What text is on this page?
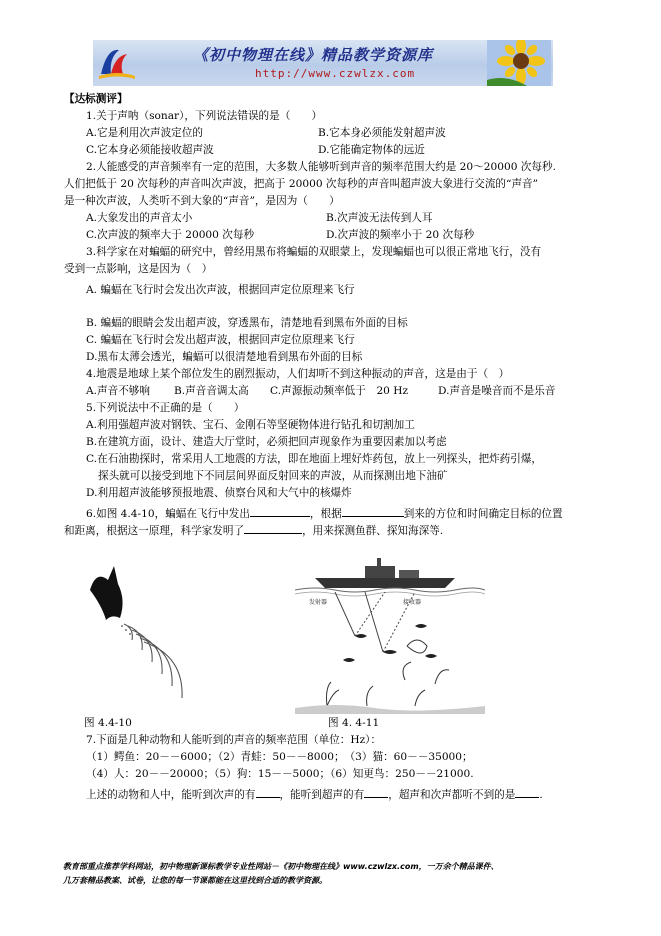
《初中物理在线》精品教学资源库
http://www.czwlzx.com
【达标测评】
1.关于声呐（sonar），下列说法错误的是（　　）
A.它是利用次声波定位的	B.它本身必须能发射超声波
C.它本身必须能接收超声波	D.它能确定物体的远近
2.人能感受的声音频率有一定的范围，大多数人能够听到声音的频率范围大约是 20～20000 次每秒.
人们把低于 20 次每秒的声音叫次声波，把高于 20000 次每秒的声音叫超声波大象进行交流的“声音”
是一种次声波，人类听不到大象的“声音”，是因为（　　）
A.大象发出的声音太小	B.次声波无法传到人耳
C.次声波的频率大于 20000 次每秒	D.次声波的频率小于 20 次每秒
3.科学家在对蝙蝠的研究中，曾经用黑布将蝙蝠的双眼蒙上，发现蝙蝠也可以很正常地飞行，没有
受到一点影响，这是因为（　）
A. 蝙蝠在飞行时会发出次声波，根据回声定位原理来飞行
B. 蝙蝠的眼睛会发出超声波，穿透黑布，清楚地看到黑布外面的目标
C. 蝙蝠在飞行时会发出超声波，根据回声定位原理来飞行
D.黑布太薄会透光，蝙蝠可以很清楚地看到黑布外面的目标
4.地震是地球上某个部位发生的剧烈振动，人们却听不到这种振动的声音，这是由于（　）
A.声音不够响 B.声音音调太高 C.声源振动频率低于　20 Hz	D.声音是噪音而不是乐音
5.下列说法中不正确的是（　　）
A.利用强超声波对钢铁、宝石、金刚石等坚硬物体进行钻孔和切割加工
B.在建筑方面，设计、建造大厅堂时，必须把回声现象作为重要因素加以考虑
C.在石油勘探时，常采用人工地震的方法，即在地面上埋好炸药包，放上一列探头，把炸药引爆，
探头就可以接受到地下不同层间界面反射回来的声波，从而探测出地下油矿
D.利用超声波能够预报地震、侦察台风和大气中的核爆炸
6.如图 4.4-10，蝙蝠在飞行中发出	，根据	到来的方位和时间确定目标的位置
和距离，根据这一原理，科学家发明了	，用来探测鱼群、探知海深等.
图 4.4-10
发射器	接收器
图 4. 4-11
7.下面是几种动物和人能听到的声音的频率范围（单位：Hz）：
（1）鳄鱼：20－－6000；（2）青蛙：50－－8000；　（3）猫：60－－35000；
（4）人：20－－20000；（5）狗：15－－5000；（6）知更鸟：250－－21000.
上述的动物和人中，能听到次声的有 ，能听到超声的有 ，超声和次声都听不到的是 .
教育部重点推荐学科网站，初中物理新课标教学专业性网站－《初中物理在线》www.czwlzx.com，一万余个精品课件、
几万套精品教案、试卷，让您的每一节课都能在这里找到合适的教学资源。
